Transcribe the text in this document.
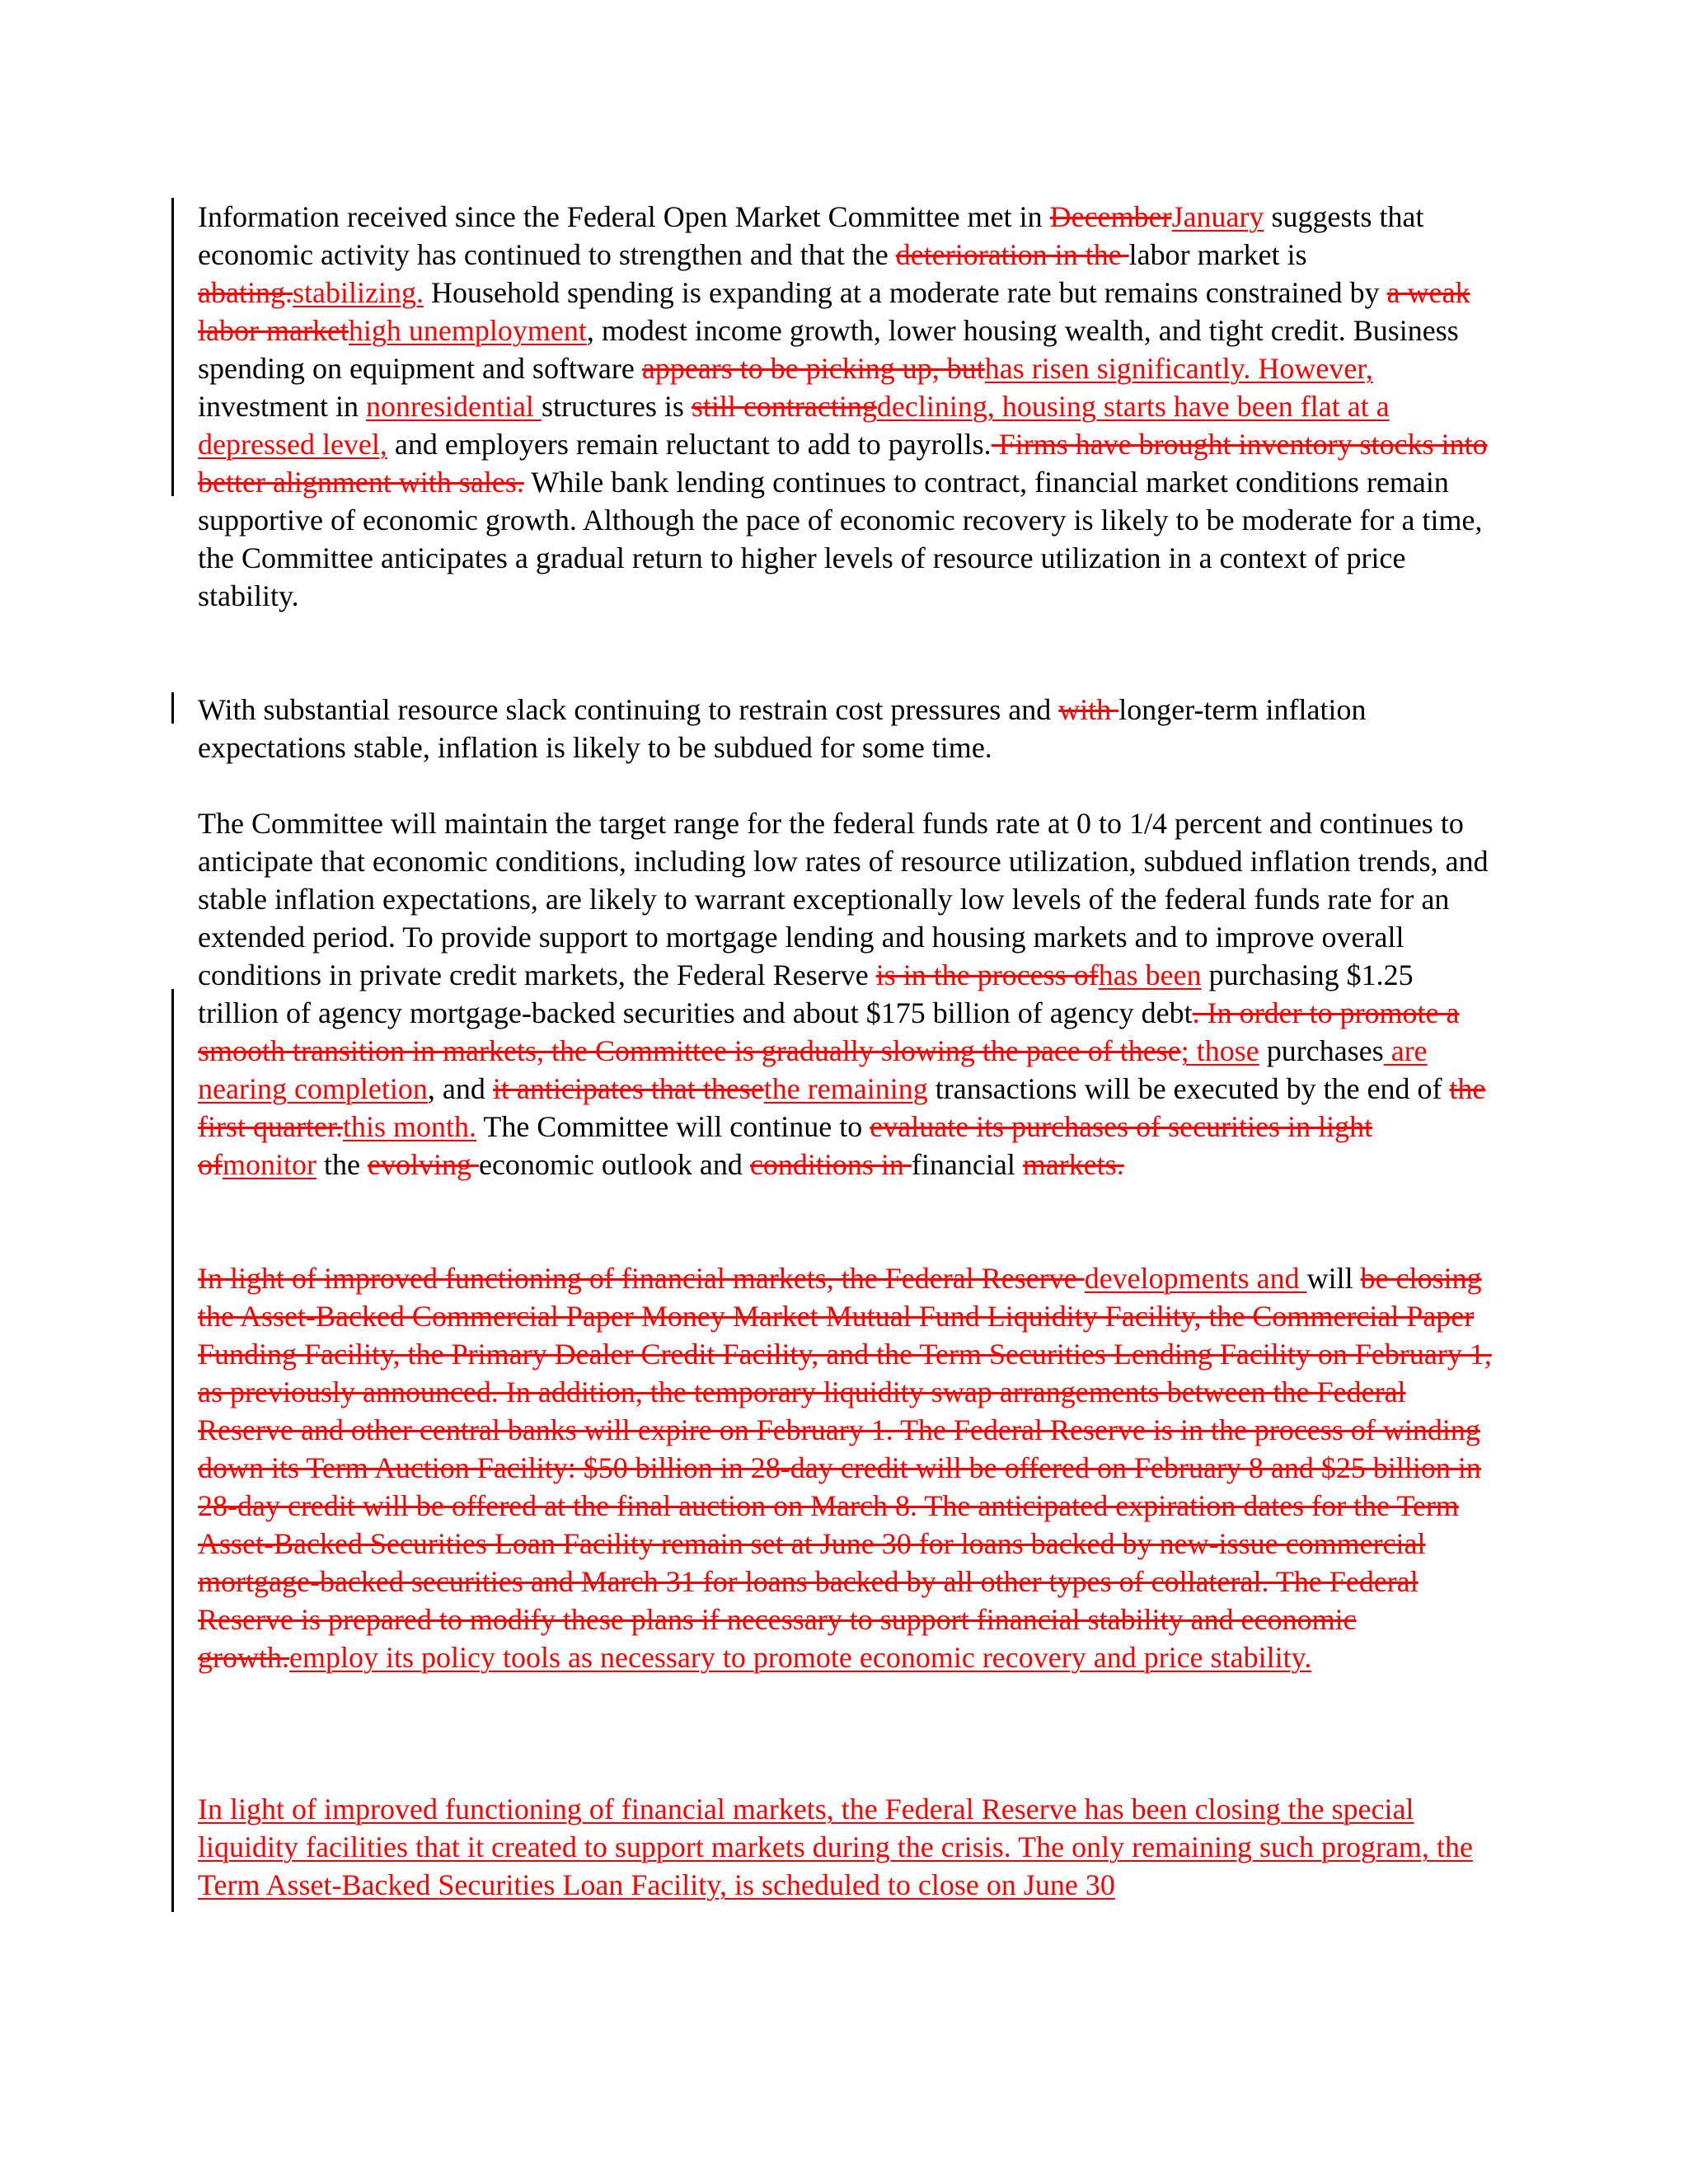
Information received since the Federal Open Market Committee met in DecemberJanuary suggests that economic activity has continued to strengthen and that the deterioration in the labor market is abating.stabilizing. Household spending is expanding at a moderate rate but remains constrained by a weak labor markethigh unemployment, modest income growth, lower housing wealth, and tight credit. Business spending on equipment and software appears to be picking up, buthas risen significantly. However, investment in nonresidential structures is still contractingdeclining, housing starts have been flat at a depressed level, and employers remain reluctant to add to payrolls. Firms have brought inventory stocks into better alignment with sales. While bank lending continues to contract, financial market conditions remain supportive of economic growth. Although the pace of economic recovery is likely to be moderate for a time, the Committee anticipates a gradual return to higher levels of resource utilization in a context of price stability.
With substantial resource slack continuing to restrain cost pressures and with longer-term inflation expectations stable, inflation is likely to be subdued for some time.
The Committee will maintain the target range for the federal funds rate at 0 to 1/4 percent and continues to anticipate that economic conditions, including low rates of resource utilization, subdued inflation trends, and stable inflation expectations, are likely to warrant exceptionally low levels of the federal funds rate for an extended period. To provide support to mortgage lending and housing markets and to improve overall conditions in private credit markets, the Federal Reserve is in the process ofhas been purchasing $1.25 trillion of agency mortgage-backed securities and about $175 billion of agency debt. In order to promote a smooth transition in markets, the Committee is gradually slowing the pace of these; those purchases are nearing completion, and it anticipates that thesethe remaining transactions will be executed by the end of the first quarter.this month. The Committee will continue to evaluate its purchases of securities in light ofmonitor the evolving economic outlook and conditions in financial markets.
In light of improved functioning of financial markets, the Federal Reserve developments and will be closing the Asset-Backed Commercial Paper Money Market Mutual Fund Liquidity Facility, the Commercial Paper Funding Facility, the Primary Dealer Credit Facility, and the Term Securities Lending Facility on February 1, as previously announced. In addition, the temporary liquidity swap arrangements between the Federal Reserve and other central banks will expire on February 1. The Federal Reserve is in the process of winding down its Term Auction Facility: $50 billion in 28-day credit will be offered on February 8 and $25 billion in 28-day credit will be offered at the final auction on March 8. The anticipated expiration dates for the Term Asset-Backed Securities Loan Facility remain set at June 30 for loans backed by new-issue commercial mortgage-backed securities and March 31 for loans backed by all other types of collateral. The Federal Reserve is prepared to modify these plans if necessary to support financial stability and economic growth.employ its policy tools as necessary to promote economic recovery and price stability.
In light of improved functioning of financial markets, the Federal Reserve has been closing the special liquidity facilities that it created to support markets during the crisis. The only remaining such program, the Term Asset-Backed Securities Loan Facility, is scheduled to close on June 30
